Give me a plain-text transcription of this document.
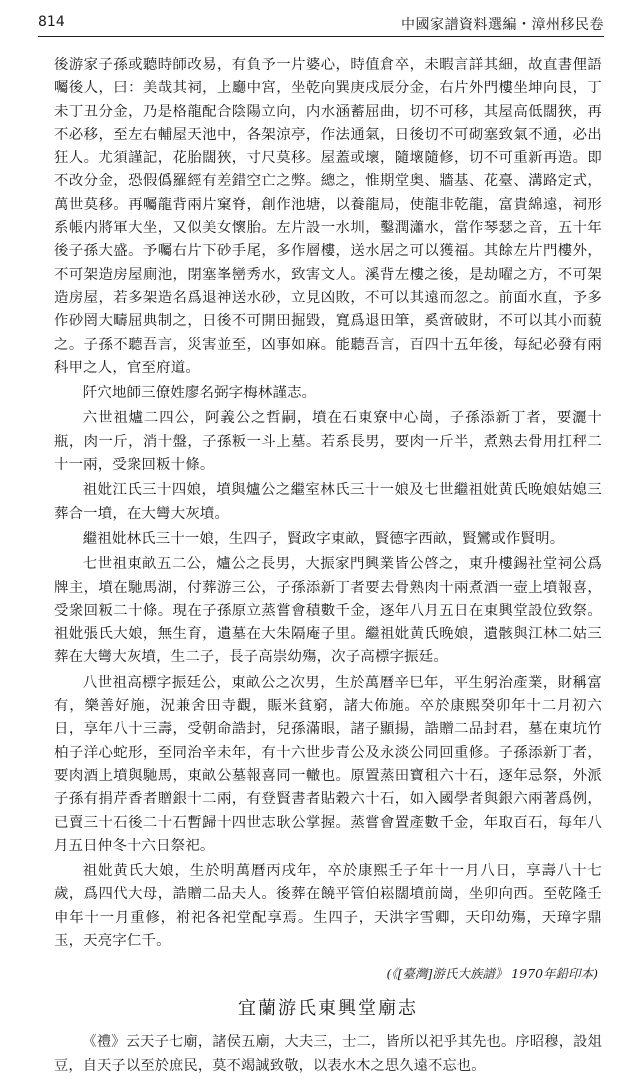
814	中國家譜資料選編・漳州移民卷

後游家子孫或聽時師改易，有負予一片婆心，時值倉卒，未暇言詳其細，故直書俚語囑後人，曰：美哉其祠，上廳中宮，坐乾向巽庚戌辰分金，右片外門樓坐坤向艮，丁未丁丑分金，乃是格龍配合陰陽立向，内水涵蓄屈曲，切不可移，其屋高低闊狹，再不必移，至左右輔屋天池中，各架涼亭，作法通氣，日後切不可砌塞致氣不通，必出狂人。尤須謹記，花胎闊狹，寸尺莫移。屋蓋或壞，隨壞隨修，切不可重新再造。即不改分金，恐假僞羅經有差錯空亡之弊。總之，惟期堂奥、牆基、花臺、溝路定式，萬世莫移。再囑龍背兩片窠脊，創作池塘，以養龍局，使龍非乾龍，富貴綿遠，祠形系帳内將軍大坐，又似美女懷胎。左片設一水圳，鑿潤瀟水，當作琴瑟之音，五十年後子孫大盛。予囑右片下砂手尾，多作層樓，送水居之可以獲福。其餘左片門樓外，不可架造房屋廁池，閉塞峯巒秀水，致害文人。溪背左樓之後，是劫曜之方，不可架造房屋，若多架造名爲退神送水砂，立見凶敗，不可以其遠而忽之。前面水直，予多作砂罔大疇屈典制之，日後不可開田掘毀，寬爲退田筆，奚啻破財，不可以其小而藐之。子孫不聽吾言，災害並至，凶事如麻。能聽吾言，百四十五年後，每紀必發有兩科甲之人，官至府道。

阡穴地師三僚姓廖名弼字梅林謹志。

六世祖爐二四公，阿義公之哲嗣，墳在石東寮中心崗，子孫添新丁者，要灑十瓶，肉一斤，消十盤，子孫粄一斗上墓。若系長男，要肉一斤半，煮熟去骨用扛秤二十一兩，受衆回粄十條。

祖妣江氏三十四娘，墳與爐公之繼室林氏三十一娘及七世繼祖妣黄氏晚娘姑媳三葬合一墳，在大彎大灰墳。

繼祖妣林氏三十一娘，生四子，賢政字東畝，賢德字西畝，賢鸞或作賢明。

七世祖東畝五二公，爐公之長男，大振家門興業皆公啓之，東升樓錫社堂祠公爲牌主，墳在馳馬湖，付葬游三公，子孫添新丁者要去骨熟肉十兩煮酒一壺上墳報喜，受衆回粄二十條。現在子孫原立蒸嘗會積數千金，逐年八月五日在東興堂設位致祭。祖妣張氏大娘，無生育，遺墓在大朱隔庵子里。繼祖妣黄氏晚娘，遺骸與江林二姑三葬在大彎大灰墳，生二子，長子高崇幼殤，次子高標字振廷。

八世祖高標字振廷公，東畝公之次男，生於萬曆辛巳年，平生躬治產業，財稱富有，樂善好施，況兼舍田寺觀，賑米貧窮，諸大佈施。卒於康熙癸卯年十二月初六日，享年八十三壽，受朝命誥封，兒孫滿眼，諸子顯揚，誥贈二品封君，墓在東坑竹柏子洋心蛇形，至同治辛未年，有十六世步青公及永淡公同回重修。子孫添新丁者，要肉酒上墳與馳馬，東畝公墓報喜同一轍也。原置蒸田寶租六十石，逐年忌祭，外派子孫有捐芹香者贈銀十二兩，有登賢書者貼穀六十石，如入國學者與銀六兩著爲例，已賣三十石後二十石暫歸十四世志耿公掌握。蒸嘗會置產數千金，年取百石，每年八月五日仲冬十六日祭祀。

祖妣黄氏大娘，生於明萬曆丙戌年，卒於康熙壬子年十一月八日，享壽八十七歲，爲四代大母，誥贈二品夫人。後葬在饒平管伯崧闊墳前崗，坐卯向西。至乾隆壬申年十一月重修，祔祀各祀堂配享焉。生四子，天洪字雪卿，天印幼殤，天璋字鼎玉，天亮字仁千。

(《[臺灣]游氏大族譜》 1970年鉛印本)
宜蘭游氏東興堂廟志

《禮》云天子七廟，諸侯五廟，大夫三，士二，皆所以祀乎其先也。序昭穆，設俎豆，自天子以至於庶民，莫不竭誠致敬，以表水木之思久遠不忘也。
